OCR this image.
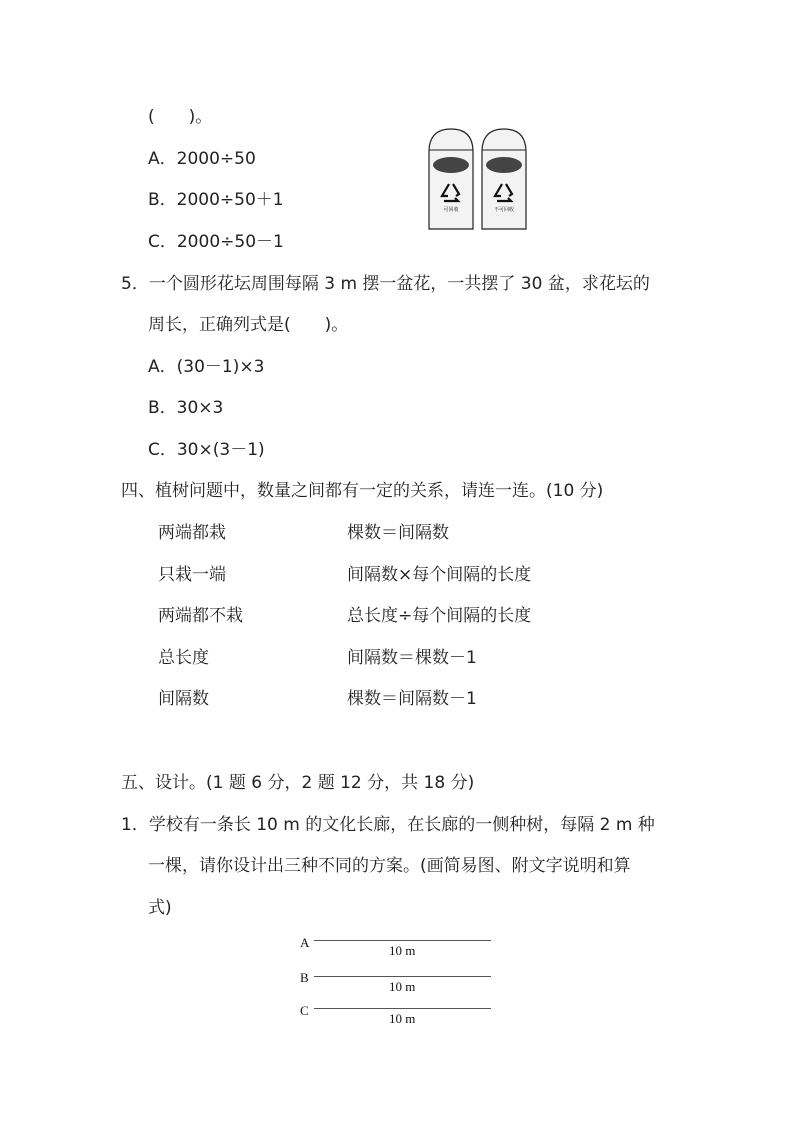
(　　)。
A．2000÷50
B．2000÷50＋1
C．2000÷50－1
可回收	不可回收
5．一个圆形花坛周围每隔 3 m 摆一盆花，一共摆了 30 盆，求花坛的
周长，正确列式是(　　)。
A．(30－1)×3
B．30×3
C．30×(3－1)
四、植树问题中，数量之间都有一定的关系，请连一连。(10 分)
两端都栽
只栽一端
两端都不栽
总长度
间隔数
棵数＝间隔数
间隔数×每个间隔的长度
总长度÷每个间隔的长度
间隔数＝棵数－1
棵数＝间隔数－1
五、设计。(1 题 6 分，2 题 12 分，共 18 分)
1．学校有一条长 10 m 的文化长廊，在长廊的一侧种树，每隔 2 m 种
一棵，请你设计出三种不同的方案。(画简易图、附文字说明和算
式)
A
10 m
B
10 m
C
10 m
